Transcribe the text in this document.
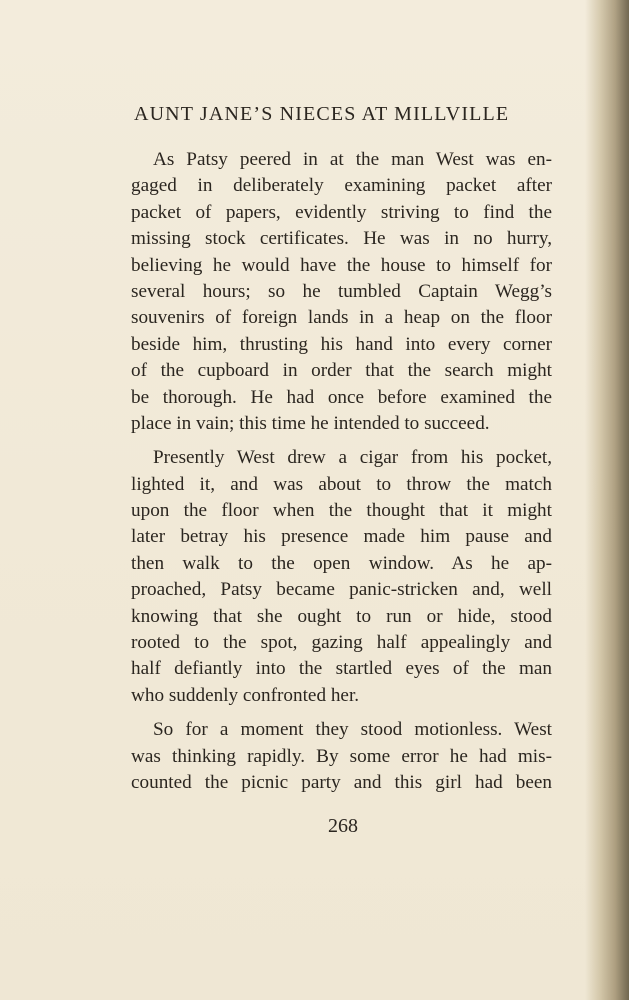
AUNT JANE’S NIECES AT MILLVILLE
As Patsy peered in at the man West was en-
gaged in deliberately examining packet after
packet of papers, evidently striving to find the
missing stock certificates. He was in no hurry,
believing he would have the house to himself for
several hours; so he tumbled Captain Wegg’s
souvenirs of foreign lands in a heap on the floor
beside him, thrusting his hand into every corner
of the cupboard in order that the search might
be thorough. He had once before examined the
place in vain; this time he intended to succeed.
Presently West drew a cigar from his pocket,
lighted it, and was about to throw the match
upon the floor when the thought that it might
later betray his presence made him pause and
then walk to the open window. As he ap-
proached, Patsy became panic-stricken and, well
knowing that she ought to run or hide, stood
rooted to the spot, gazing half appealingly and
half defiantly into the startled eyes of the man
who suddenly confronted her.
So for a moment they stood motionless. West
was thinking rapidly. By some error he had mis-
counted the picnic party and this girl had been
268
